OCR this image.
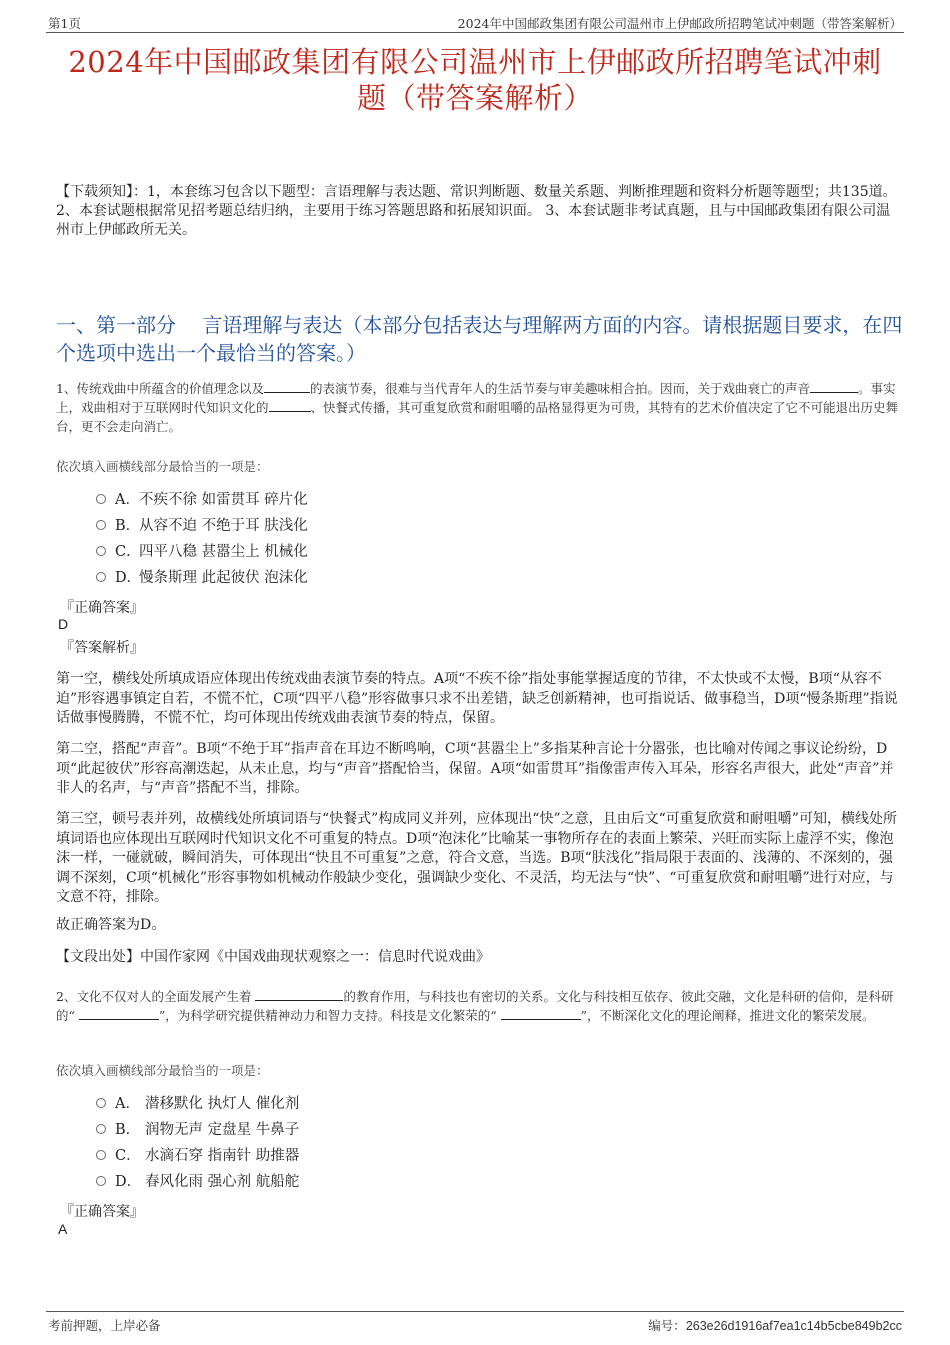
第1页	2024年中国邮政集团有限公司温州市上伊邮政所招聘笔试冲刺题（带答案解析）
2024年中国邮政集团有限公司温州市上伊邮政所招聘笔试冲刺
题（带答案解析）
【下载须知】：1，本套练习包含以下题型：言语理解与表达题、常识判断题、数量关系题、判断推理题和资料分析题等题型；共135道。 2、本套试题根据常见招考题总结归纳，主要用于练习答题思路和拓展知识面。 3、本套试题非考试真题，且与中国邮政集团有限公司温州市上伊邮政所无关。
一、第一部分　 言语理解与表达（本部分包括表达与理解两方面的内容。请根据题目要求，在四个选项中选出一个最恰当的答案。）
1、传统戏曲中所蕴含的价值理念以及	的表演节奏，很难与当代青年人的生活节奏与审美趣味相合拍。因而，关于戏曲衰亡的声音	。事实上，戏曲相对于互联网时代知识文化的	、快餐式传播，其可重复欣赏和耐咀嚼的品格显得更为可贵，其特有的艺术价值决定了它不可能退出历史舞台，更不会走向消亡。
依次填入画横线部分最恰当的一项是：
A．不疾不徐 如雷贯耳 碎片化
B．从容不迫 不绝于耳 肤浅化
C．四平八稳 甚嚣尘上 机械化
D．慢条斯理 此起彼伏 泡沫化
『正确答案』
D
『答案解析』
第一空，横线处所填成语应体现出传统戏曲表演节奏的特点。A项“不疾不徐”指处事能掌握适度的节律，不太快或不太慢，B项“从容不迫”形容遇事镇定自若，不慌不忙，C项“四平八稳”形容做事只求不出差错，缺乏创新精神，也可指说话、做事稳当，D项“慢条斯理”指说话做事慢腾腾，不慌不忙，均可体现出传统戏曲表演节奏的特点，保留。
第二空，搭配“声音”。B项“不绝于耳”指声音在耳边不断鸣响，C项“甚嚣尘上”多指某种言论十分嚣张，也比喻对传闻之事议论纷纷，D项“此起彼伏”形容高潮迭起，从未止息，均与“声音”搭配恰当，保留。A项“如雷贯耳”指像雷声传入耳朵，形容名声很大，此处“声音”并非人的名声，与“声音”搭配不当，排除。
第三空，顿号表并列，故横线处所填词语与“快餐式”构成同义并列，应体现出“快”之意，且由后文“可重复欣赏和耐咀嚼”可知，横线处所填词语也应体现出互联网时代知识文化不可重复的特点。D项“泡沫化”比喻某一事物所存在的表面上繁荣、兴旺而实际上虚浮不实，像泡沫一样，一碰就破，瞬间消失，可体现出“快且不可重复”之意，符合文意，当选。B项“肤浅化”指局限于表面的、浅薄的、不深刻的，强调不深刻，C项“机械化”形容事物如机械动作般缺少变化，强调缺少变化、不灵活，均无法与“快”、“可重复欣赏和耐咀嚼”进行对应，与文意不符，排除。
故正确答案为D。
【文段出处】中国作家网《中国戏曲现状观察之一：信息时代说戏曲》
2、文化不仅对人的全面发展产生着	的教育作用，与科技也有密切的关系。文化与科技相互依存、彼此交融，文化是科研的信仰，是科研的“	”，为科学研究提供精神动力和智力支持。科技是文化繁荣的“	”，不断深化文化的理论阐释，推进文化的繁荣发展。
依次填入画横线部分最恰当的一项是：
A． 潜移默化 执灯人 催化剂
B． 润物无声 定盘星 牛鼻子
C． 水滴石穿 指南针 助推器
D． 春风化雨 强心剂 航船舵
『正确答案』
A
考前押题，上岸必备	编号：263e26d1916af7ea1c14b5cbe849b2cc
